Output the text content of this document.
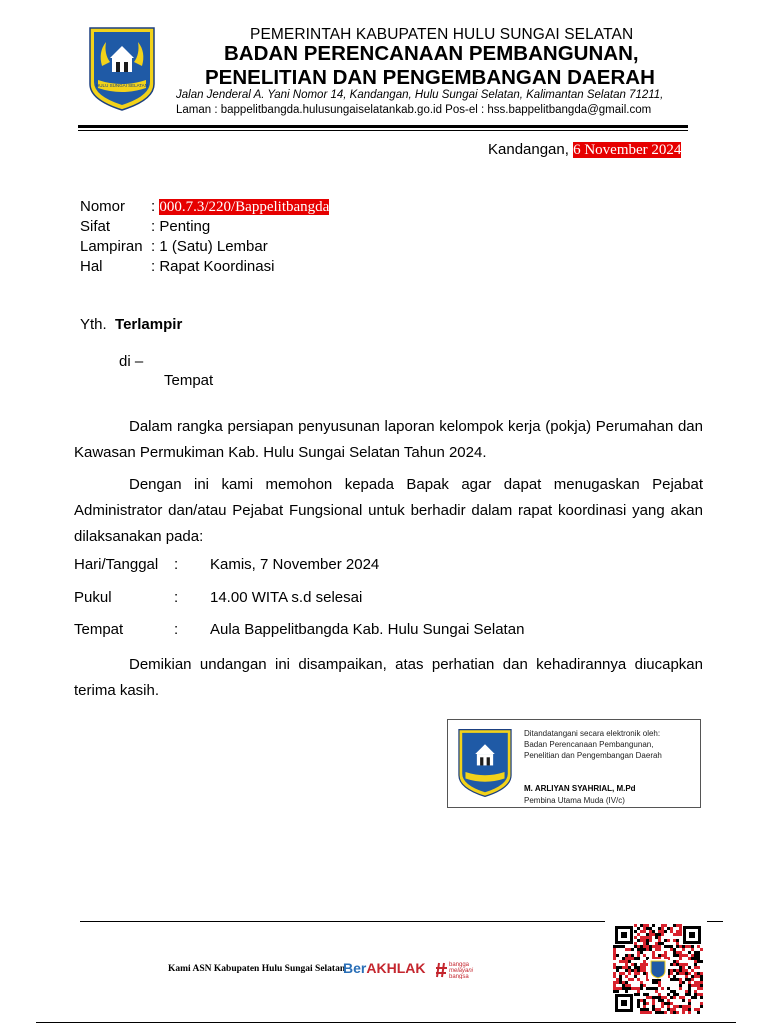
HULU SUNGAI SELATAN
PEMERINTAH KABUPATEN HULU SUNGAI SELATAN
BADAN PERENCANAAN PEMBANGUNAN,
PENELITIAN DAN PENGEMBANGAN DAERAH
Jalan Jenderal A. Yani Nomor 14, Kandangan, Hulu Sungai Selatan, Kalimantan Selatan 71211,
Laman : bappelitbangda.hulusungaiselatankab.go.id Pos-el : hss.bappelitbangda@gmail.com
Kandangan, 6 November 2024
Nomor : 000.7.3/220/Bappelitbangda
Sifat	: Penting
Lampiran : 1 (Satu) Lembar
Hal	: Rapat Koordinasi
Yth. Terlampir
di –
Tempat
Dalam rangka persiapan penyusunan laporan kelompok kerja (pokja) Perumahan dan Kawasan Permukiman Kab. Hulu Sungai Selatan Tahun 2024.
Dengan ini kami memohon kepada Bapak agar dapat menugaskan Pejabat Administrator dan/atau Pejabat Fungsional untuk berhadir dalam rapat koordinasi yang akan dilaksanakan pada:
Hari/Tanggal : Kamis, 7 November 2024
Pukul	: 14.00 WITA s.d selesai
Tempat	: Aula Bappelitbangda Kab. Hulu Sungai Selatan
Demikian undangan ini disampaikan, atas perhatian dan kehadirannya diucapkan terima kasih.
Ditandatangani secara elektronik oleh:
Badan Perencanaan Pembangunan,
Penelitian dan Pengembangan Daerah
M. ARLIYAN SYAHRIAL, M.Pd
Pembina Utama Muda (IV/c)
Kami ASN Kabupaten Hulu Sungai Selatan
BerAKHLAK	bangga
melayani
bangsa
